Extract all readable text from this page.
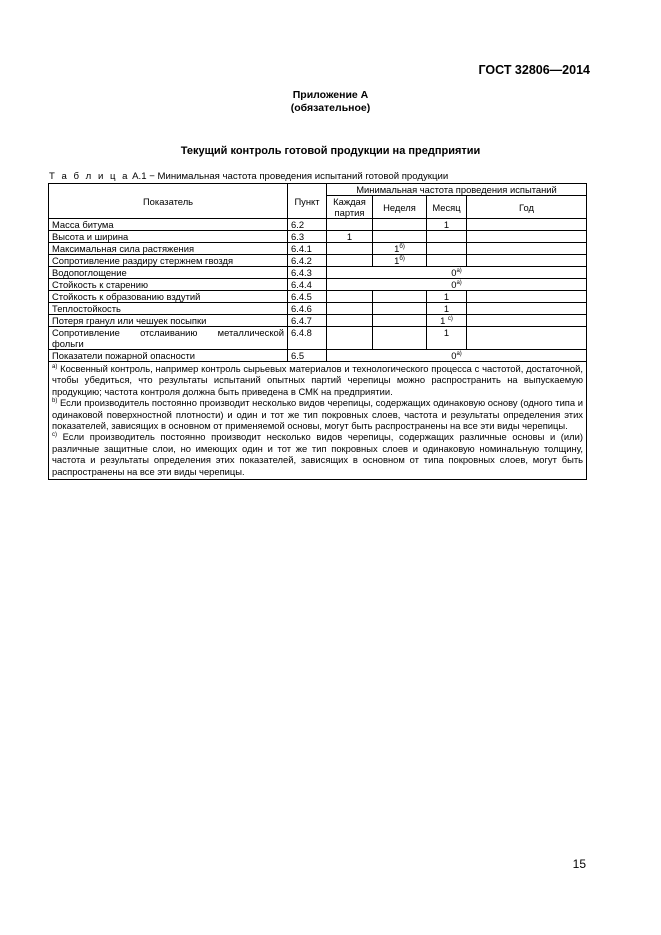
ГОСТ 32806—2014
Приложение А
(обязательное)
Текущий контроль готовой продукции на предприятии
Т а б л и ц а А.1 − Минимальная частота проведения испытаний готовой продукции
Показатель	Пункт	Минимальная частота проведения испытаний			
		Каждая партия	Неделя	Месяц	Год
Масса битума	6.2			1	
Высота и ширина	6.3	1			
Максимальная сила растяжения	6.4.1		$1^{б)}$		
Сопротивление раздиру стержнем гвоздя	6.4.2		$1^{б)}$		
Водопоглощение	6.4.3	$0^{а)}$
Стойкость к старению	6.4.4	$0^{а)}$
Стойкость к образованию вздутий	6.4.5			1	
Теплостойкость	6.4.6			1	
Потеря гранул или чешуек посыпки	6.4.7			1 $^{с)}$	

Сопротивление отслаиванию металлической
фольги	6.4.8			1	
Показатели пожарной опасности	6.5	$0^{а)}$

$^{а)}$ Косвенный контроль, например контроль сырьевых материалов и технологического процесса с частотой, достаточной, чтобы убедиться, что результаты испытаний опытных партий черепицы можно распространить на выпускаемую продукцию; частота контроля должна быть приведена в СМК на предприятии.

$^{b)}$ Если производитель постоянно производит несколько видов черепицы, содержащих одинаковую основу (одного типа и одинаковой поверхностной плотности) и один и тот же тип покровных слоев, частота и результаты определения этих показателей, зависящих в основном от применяемой основы, могут быть распространены на все эти виды черепицы.

$^{c)}$ Если производитель постоянно производит несколько видов черепицы, содержащих различные основы и (или) различные защитные слои, но имеющих один и тот же тип покровных слоев и одинаковую номинальную толщину, частота и результаты определения этих показателей, зависящих в основном от типа покровных слоев, могут быть распространены на все эти виды черепицы.					

15
